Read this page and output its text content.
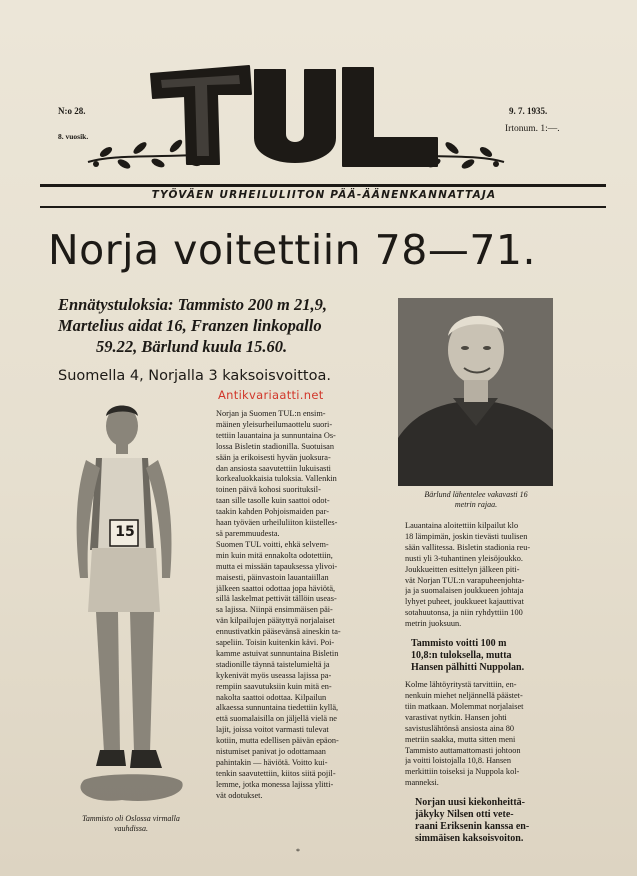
N:o 28.
8. vuosik.
9. 7. 1935.
Irtonum. 1:—.
TYÖVÄEN URHEILULIITON PÄÄ-ÄÄNENKANNATTAJA
Norja voitettiin 78—71.
Ennätystuloksia: Tammisto 200 m 21,9,
Martelius aidat 16, Franzen linkopallo
59.22, Bärlund kuula 15.60.
Suomella 4, Norjalla 3 kaksoisvoittoa.
Antikvariaatti.net
Bärlund lähentelee vakavasti 16
metrin rajaa.
15
Tammisto oli Oslossa virmalla
vauhdissa.
Norjan ja Suomen TUL:n ensim-
mäinen yleisurheilumaottelu suori-
tettiin lauantaina ja sunnuntaina Os-
lossa Bisletin stadionilla. Suotuisan
sään ja erikoisesti hyvän juoksura-
dan ansiosta saavutettiin lukuisasti
korkealuokkaisia tuloksia. Vallenkin
toinen päivä kohosi suorituksil-
taan sille tasolle kuin saattoi odot-
taakin kahden Pohjoismaiden par-
haan työväen urheiluliiton kiistelles-
sä paremmuudesta.
Suomen TUL voitti, ehkä selvem-
min kuin mitä ennakolta odotettiin,
mutta ei missään tapauksessa ylivoi-
maisesti, päinvastoin lauantaiillan
jälkeen saattoi odottaa jopa häviötä,
sillä laskelmat pettivät tällöin useas-
sa lajissa. Niinpä ensimmäisen päi-
vän kilpailujen päätyttyä norjalaiset
ennustivatkin pääsevänsä aineskin ta-
sapeliin. Toisin kuitenkin kävi. Poi-
kamme astuivat sunnuntaina Bisletin
stadionille täynnä taistelumieltä ja
kykenivät myös useassa lajissa pa-
rempiin saavutuksiin kuin mitä en-
nakolta saattoi odottaa. Kilpailun
alkaessa sunnuntaina tiedettiin kyllä,
että suomalaisilla on jäljellä vielä ne
lajit, joissa voitot varmasti tulevat
kotiin, mutta edellisen päivän epäon-
nistumiset panivat jo odottamaan
pahintakin — häviötä. Voitto kui-
tenkin saavutettiin, kiitos siitä pojil-
lemme, jotka monessa lajissa ylitti-
vät odotukset.
*
Lauantaina aloitettiin kilpailut klo
18 lämpimän, joskin tievästi tuulisen
sään vallitessa. Bisletin stadionia reu-
nusti yli 3-tuhantinen yleisöjoukko.
Joukkueitten esittelyn jälkeen piti-
vät Norjan TUL:n varapuheenjohta-
ja ja suomalaisen joukkueen johtaja
lyhyet puheet, joukkueet kajauttivat
sotahuutonsa, ja niin ryhdyttiin 100
metrin juoksuun.
Tammisto voitti 100 m
10,8:n tuloksella, mutta
Hansen pälhitti Nuppolan.
Kolme lähtöyritystä tarvittiin, en-
nenkuin miehet neljännellä päästet-
tiin matkaan. Molemmat norjalaiset
varastivat nytkin. Hansen johti
savistuslähtönsä ansiosta aina 80
metriin saakka, mutta sitten meni
Tammisto auttamattomasti johtoon
ja voitti loistojalla 10,8. Hansen
merkittiin toiseksi ja Nuppola kol-
manneksi.
Norjan uusi kiekonheittä-
jäkyky Nilsen otti vete-
raani Eriksenin kanssa en-
simmäisen kaksoisvoiton.
